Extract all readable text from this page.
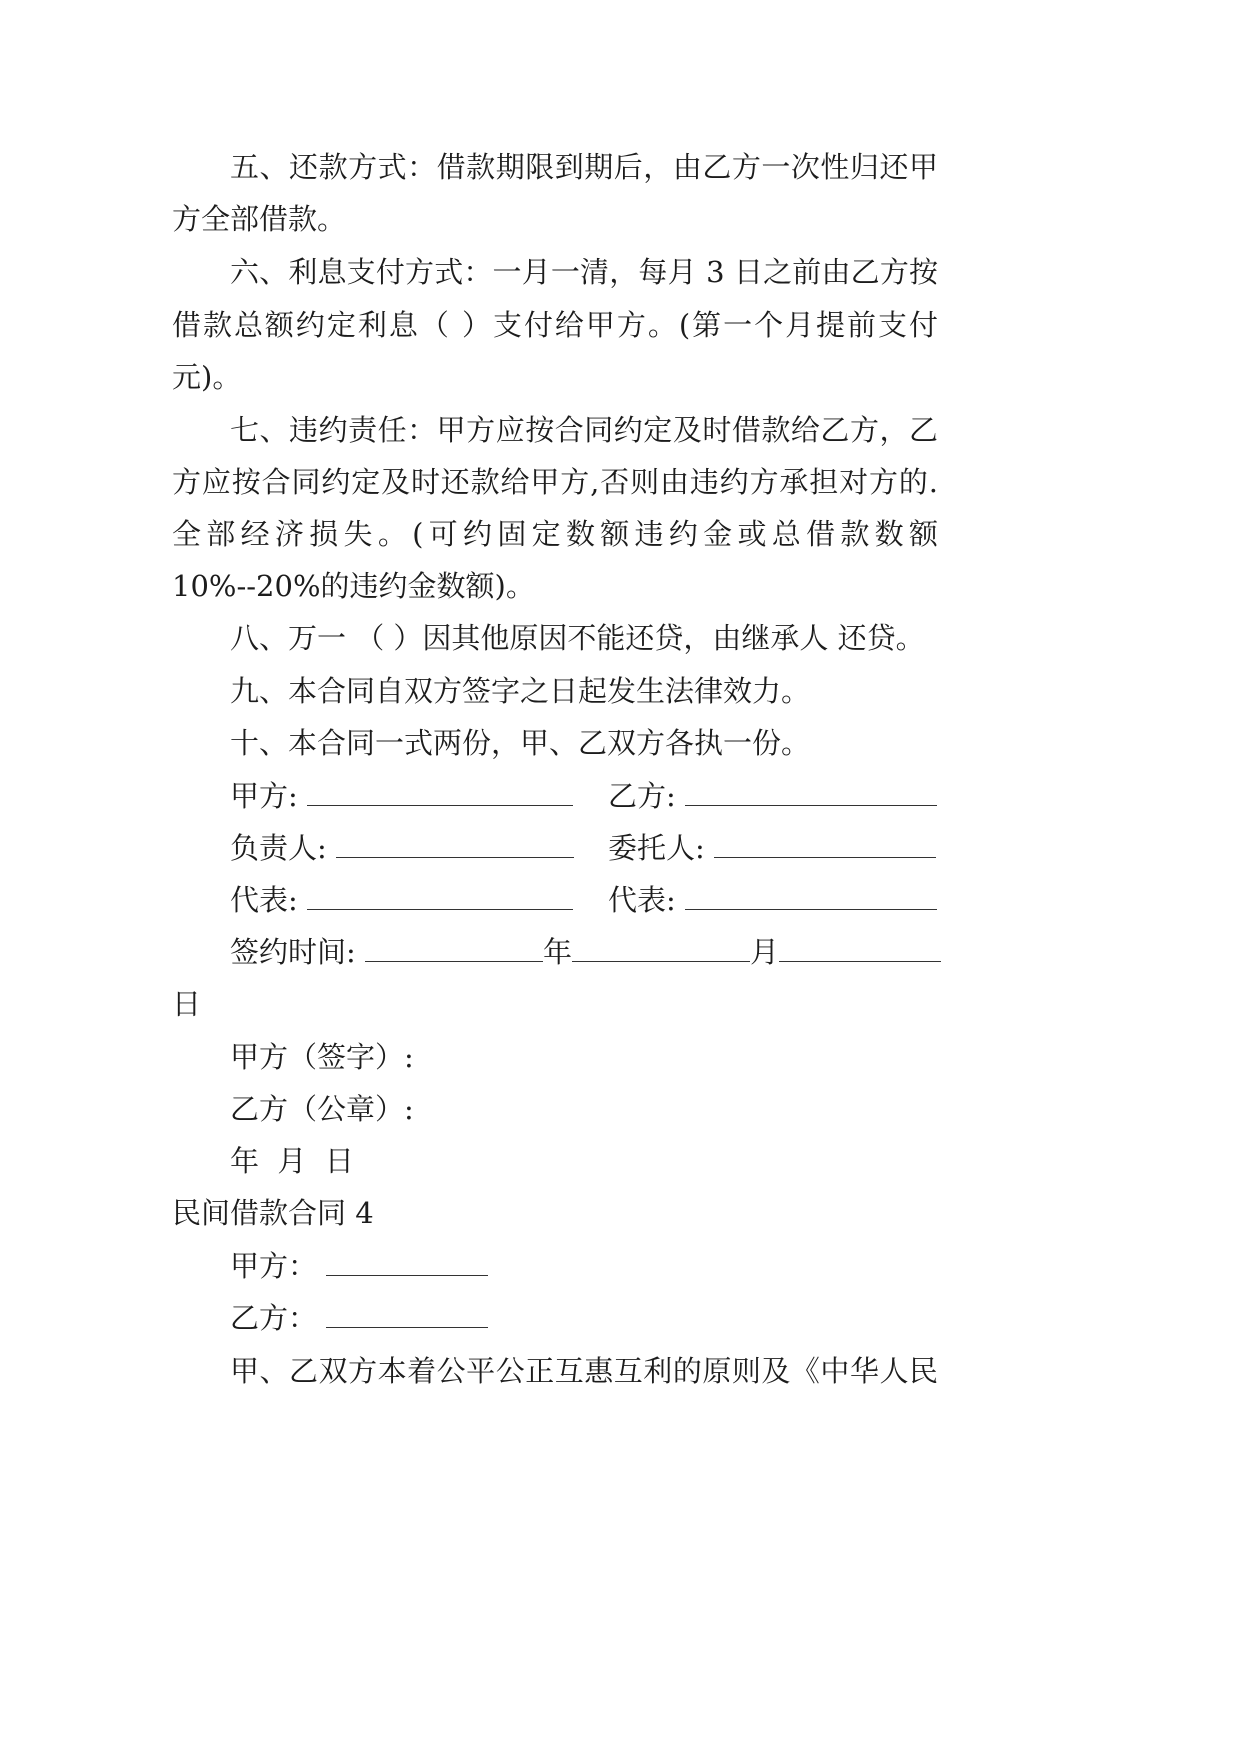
五、还款方式：借款期限到期后，由乙方一次性归还甲
方全部借款。
六、利息支付方式：一月一清，每月 3 日之前由乙方按
借款总额约定利息（ ）支付给甲方。(第一个月提前支付
元)。
七、违约责任：甲方应按合同约定及时借款给乙方，乙
方应按合同约定及时还款给甲方,否则由违约方承担对方的.
全部经济损失。(可约固定数额违约金或总借款数额
10%--20%的违约金数额)。
八、万一 （ ）因其他原因不能还贷，由继承人 还贷。
九、本合同自双方签字之日起发生法律效力。
十、本合同一式两份，甲、乙双方各执一份。
甲方:	乙方:
负责人:	委托人:
代表:	代表:
签约时间:	年	月
日
甲方（签字）:
乙方（公章）:
年  月  日
民间借款合同 4
甲方：
乙方：
甲、乙双方本着公平公正互惠互利的原则及《中华人民
